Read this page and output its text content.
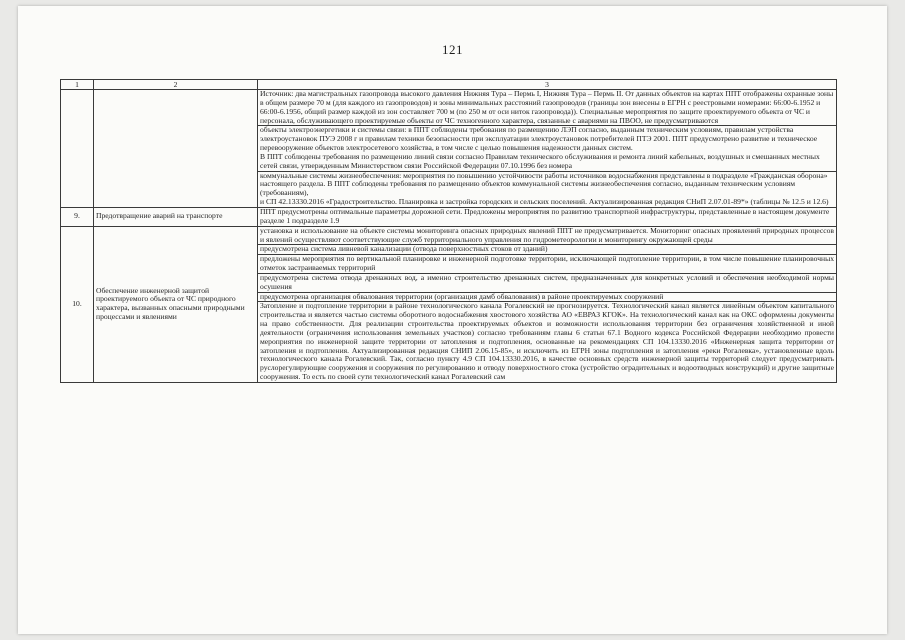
121
1	2	3

		Источник: два магистральных газопровода высокого давления Нижняя Тура – Пермь I, Нижняя Тура – Пермь II. От данных объектов на картах ППТ отображены охранные зоны в общем размере 70 м (для каждого из газопроводов) и зоны минимальных расстояний газопроводов (границы зон внесены в ЕГРН с реестровыми номерами: 66:00-6.1952 и 66:00-6.1956, общий размер каждой из зон составляет 700 м (по 250 м от оси ниток газопровода)). Специальные мероприятия по защите проектируемого объекта от ЧС и персонала, обслуживающего проектируемые объекты от ЧС техногенного характера, связанные с авариями на ПВОО, не предусматриваются

		объекты электроэнергетики и системы связи: в ППТ соблюдены требования по размещению ЛЭП согласно, выданным техническим условиям, правилам устройства электроустановок ПУЭ 2008 г и правилам техники безопасности при эксплуатации электроустановок потребителей ПТЭ 2001. ППТ предусмотрено развитие и техническое перевооружение объектов электросетевого хозяйства, в том числе с целью повышения надежности данных систем.
В ППТ соблюдены требования по размещению линий связи согласно Правилам технического обслуживания и ремонта линий кабельных, воздушных и смешанных местных сетей связи, утвержденным Министерством связи Российской Федерации 07.10.1996 без номера

		коммунальные системы жизнеобеспечения: мероприятия по повышению устойчивости работы источников водоснабжения представлены в подразделе «Гражданская оборона» настоящего раздела. В ППТ соблюдены требования по размещению объектов коммунальной системы жизнеобеспечения согласно, выданным техническим условиям (требованиям),
и СП 42.13330.2016 «Градостроительство. Планировка и застройка городских и сельских поселений. Актуализированная редакция СНиП 2.07.01-89*» (таблицы № 12.5 и 12.6)

9.	Предотвращение аварий на транспорте	ППТ предусмотрены оптимальные параметры дорожной сети. Предложены мероприятия по развитию транспортной инфраструктуры, представленные в настоящем документе разделе 1 подразделе 1.9
10.	Обеспечение инженерной защитой проектируемого объекта от ЧС природного характера, вызванных опасными природными процессами и явлениями	установка и использование на объекте системы мониторинга опасных природных явлений ППТ не предусматривается. Мониторинг опасных проявлений природных процессов и явлений осуществляют соответствующие служб территориального управления по гидрометеорологии и мониторингу окружающей среды
		предусмотрена система ливневой канализации (отвода поверхностных стоков от зданий)
		предложены мероприятия по вертикальной планировке и инженерной подготовке территории, исключающей подтопление территории, в том числе повышение планировочных отметок застраиваемых территорий
		предусмотрена система отвода дренажных вод, а именно строительство дренажных систем, предназначенных для конкретных условий и обеспечения необходимой нормы осушения
		предусмотрена организация обвалования территории (организация дамб обвалования) в районе проектируемых сооружений
		Затопление и подтопление территории в районе технологического канала Рогалевский не прогнозируется. Технологический канал является линейным объектом капитального строительства и является частью системы оборотного водоснабжения хвостового хозяйства АО «ЕВРАЗ КГОК». На технологический канал как на ОКС оформлены документы на право собственности. Для реализации строительства проектируемых объектов и возможности использования территории без ограничения хозяйственной и иной деятельности (ограничения использования земельных участков) согласно требованиям главы 6 статьи 67.1 Водного кодекса Российской Федерации необходимо провести мероприятия по инженерной защите территории от затопления и подтопления, основанные на рекомендациях СП 104.13330.2016 «Инженерная защита территории от затопления и подтопления. Актуализированная редакция СНИП 2.06.15-85», и исключить из ЕГРН зоны подтопления и затопления «реки Рогалевка», установленные вдоль технологического канала Рогалевский. Так, согласно пункту 4.9 СП 104.13330.2016, в качестве основных средств инженерной защиты территорий следует предусматривать руслорегулирующие сооружения и сооружения по регулированию и отводу поверхностного стока (устройство оградительных и водоотводных конструкций) и другие защитные сооружения. То есть по своей сути технологический канал Рогалевский сам
